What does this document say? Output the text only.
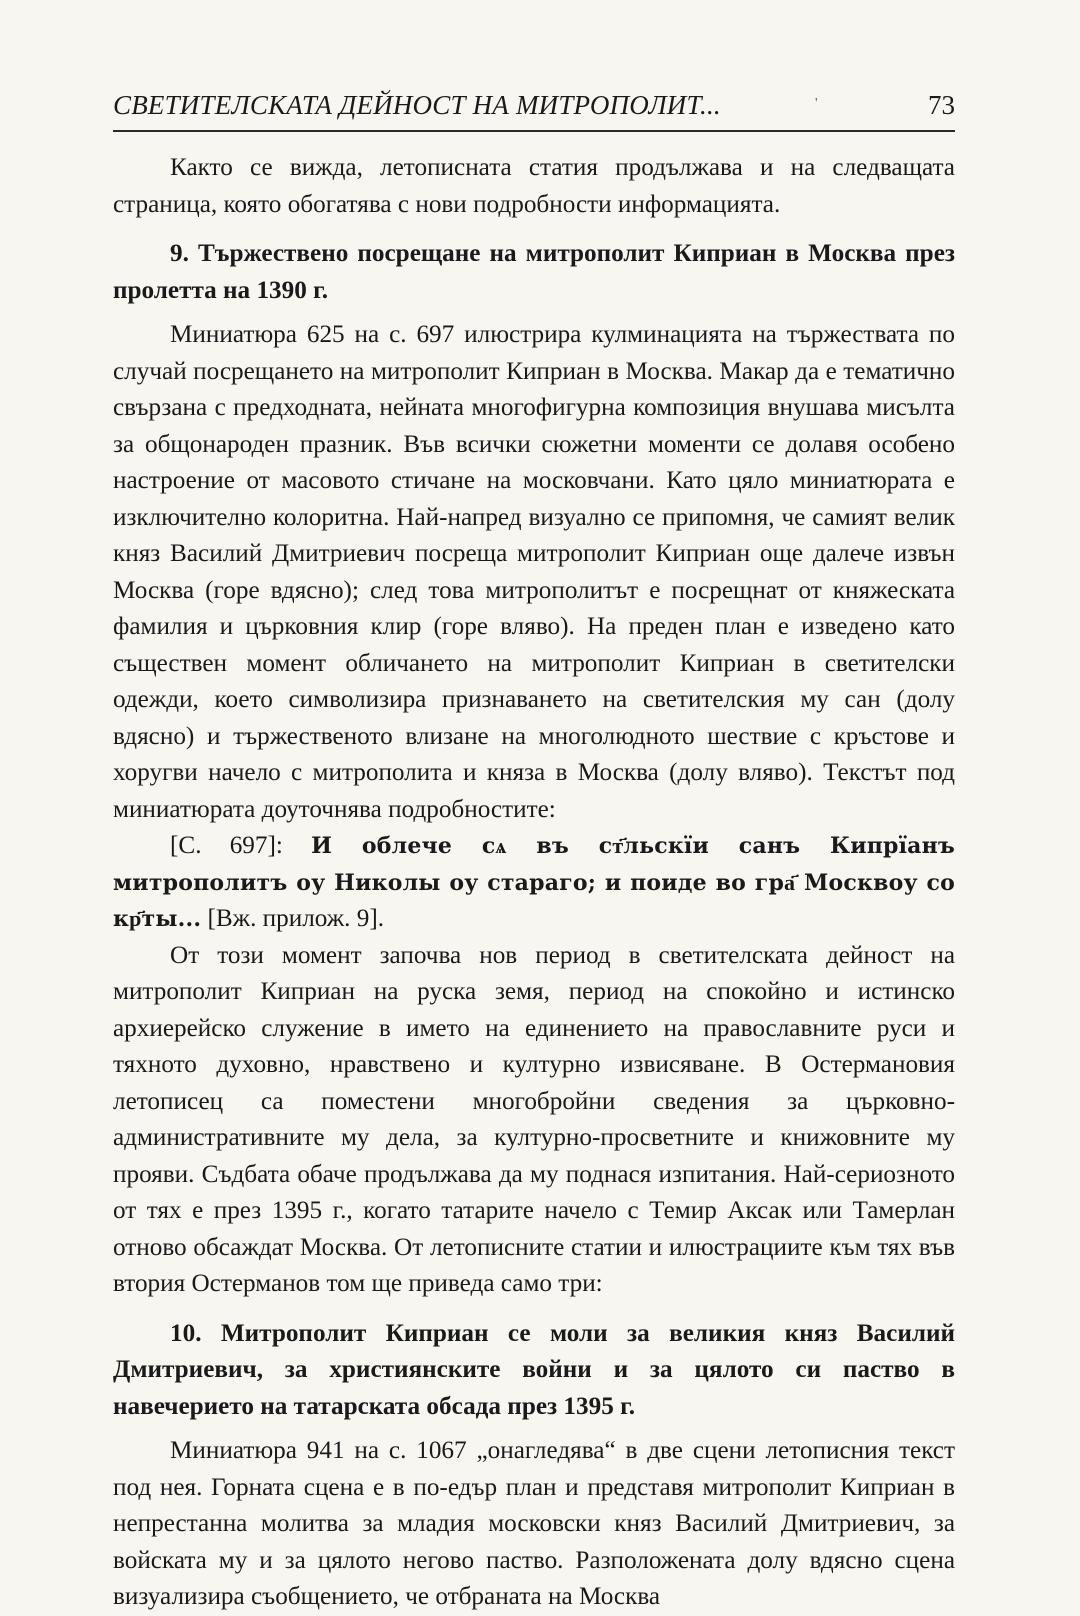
СВЕТИТЕЛСКАТА ДЕЙНОСТ НА МИТРОПОЛИТ...	'	73

Както се вижда, летописната статия продължава и на следващата страница, която обогатява с нови подробности информацията.

9. Тържествено посрещане на митрополит Киприан в Москва през пролетта на 1390 г.

Миниатюра 625 на с. 697 илюстрира кулминацията на тържествата по случай посрещането на митрополит Киприан в Москва. Макар да е тематично свързана с предходната, нейната многофигурна композиция внушава мисълта за общонароден празник. Във всички сюжетни моменти се долавя особено настроение от масовото стичане на московчани. Като цяло миниатюрата е изключително колоритна. Най-напред визуално се припомня, че самият велик княз Василий Дмитриевич посреща митрополит Киприан още далече извън Москва (горе вдясно); след това митрополитът е посрещнат от княжеската фамилия и църковния клир (горе вляво). На преден план е изведено като съществен момент обличането на митрополит Киприан в светителски одежди, което символизира признаването на светителския му сан (долу вдясно) и тържественото влизане на многолюдното шествие с кръстове и хоругви начело с митрополита и княза в Москва (долу вляво). Текстът под миниатюрата доуточнява подробностите:

[С. 697]: И облече сѧ въ ст҃льскїи санъ Кипрїанъ митрополитъ оу Николы оу стараго; и поиде во гра҃ Москвоу со кр҃ты... [Вж. прилож. 9].

От този момент започва нов период в светителската дейност на митрополит Киприан на руска земя, период на спокойно и истинско архиерейско служение в името на единението на православните руси и тяхното духовно, нравствено и културно извисяване. В Остермановия летописец са поместени многобройни сведения за църковно-административните му дела, за културно-просветните и книжовните му прояви. Съдбата обаче продължава да му поднася изпитания. Най-сериозното от тях е през 1395 г., когато татарите начело с Темир Аксак или Тамерлан отново обсаждат Москва. От летописните статии и илюстрациите към тях във втория Остерманов том ще приведа само три:

10. Митрополит Киприан се моли за великия княз Василий Дмитриевич, за християнските войни и за цялото си паство в навечерието на татарската обсада през 1395 г.

Миниатюра 941 на с. 1067 „онагледява“ в две сцени летописния текст под нея. Горната сцена е в по-едър план и представя митрополит Киприан в непрестанна молитва за младия московски княз Василий Дмитриевич, за войската му и за цялото негово паство. Разположената долу вдясно сцена визуализира съобщението, че отбраната на Москва
